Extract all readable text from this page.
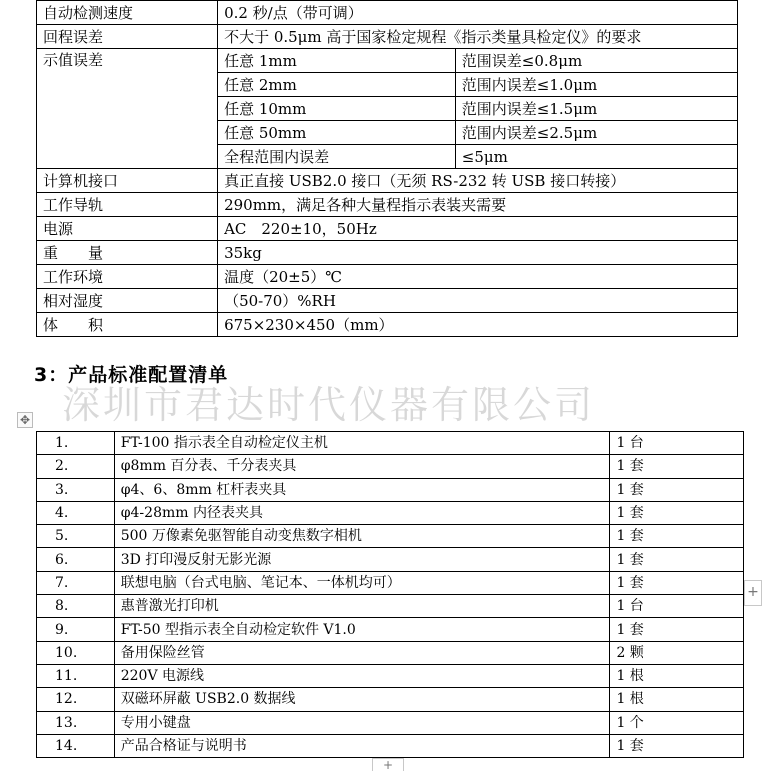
自动检测速度	0.2 秒/点（带可调）	
回程误差	不大于 0.5μm 高于国家检定规程《指示类量具检定仪》的要求	
示值误差	任意 1mm	范围误差≤0.8μm
	任意 2mm	范围内误差≤1.0μm
	任意 10mm	范围内误差≤1.5μm
	任意 50mm	范围内误差≤2.5μm
	全程范围内误差	≤5μm
计算机接口	真正直接 USB2.0 接口（无须 RS-232 转 USB 接口转接）	
工作导轨	290mm，满足各种大量程指示表装夹需要	
电源	AC　220±10，50Hz	
重　　量	35kg	
工作环境	温度（20±5）℃	
相对湿度	（50-70）%RH	
体　　积	675×230×450（mm）	
3：产品标准配置清单
深圳市君达时代仪器有限公司
✥
1.	FT-100 指示表全自动检定仪主机	1 台
2.	φ8mm 百分表、千分表夹具	1 套
3.	φ4、6、8mm 杠杆表夹具	1 套
4.	φ4-28mm 内径表夹具	1 套
5.	500 万像素免驱智能自动变焦数字相机	1 套
6.	3D 打印漫反射无影光源	1 套
7.	联想电脑（台式电脑、笔记本、一体机均可）	1 套
8.	惠普激光打印机	1 台
9.	FT-50 型指示表全自动检定软件 V1.0	1 套
10.	备用保险丝管	2 颗
11.	220V 电源线	1 根
12.	双磁环屏蔽 USB2.0 数据线	1 根
13.	专用小键盘	1 个
14.	产品合格证与说明书	1 套
+
+
